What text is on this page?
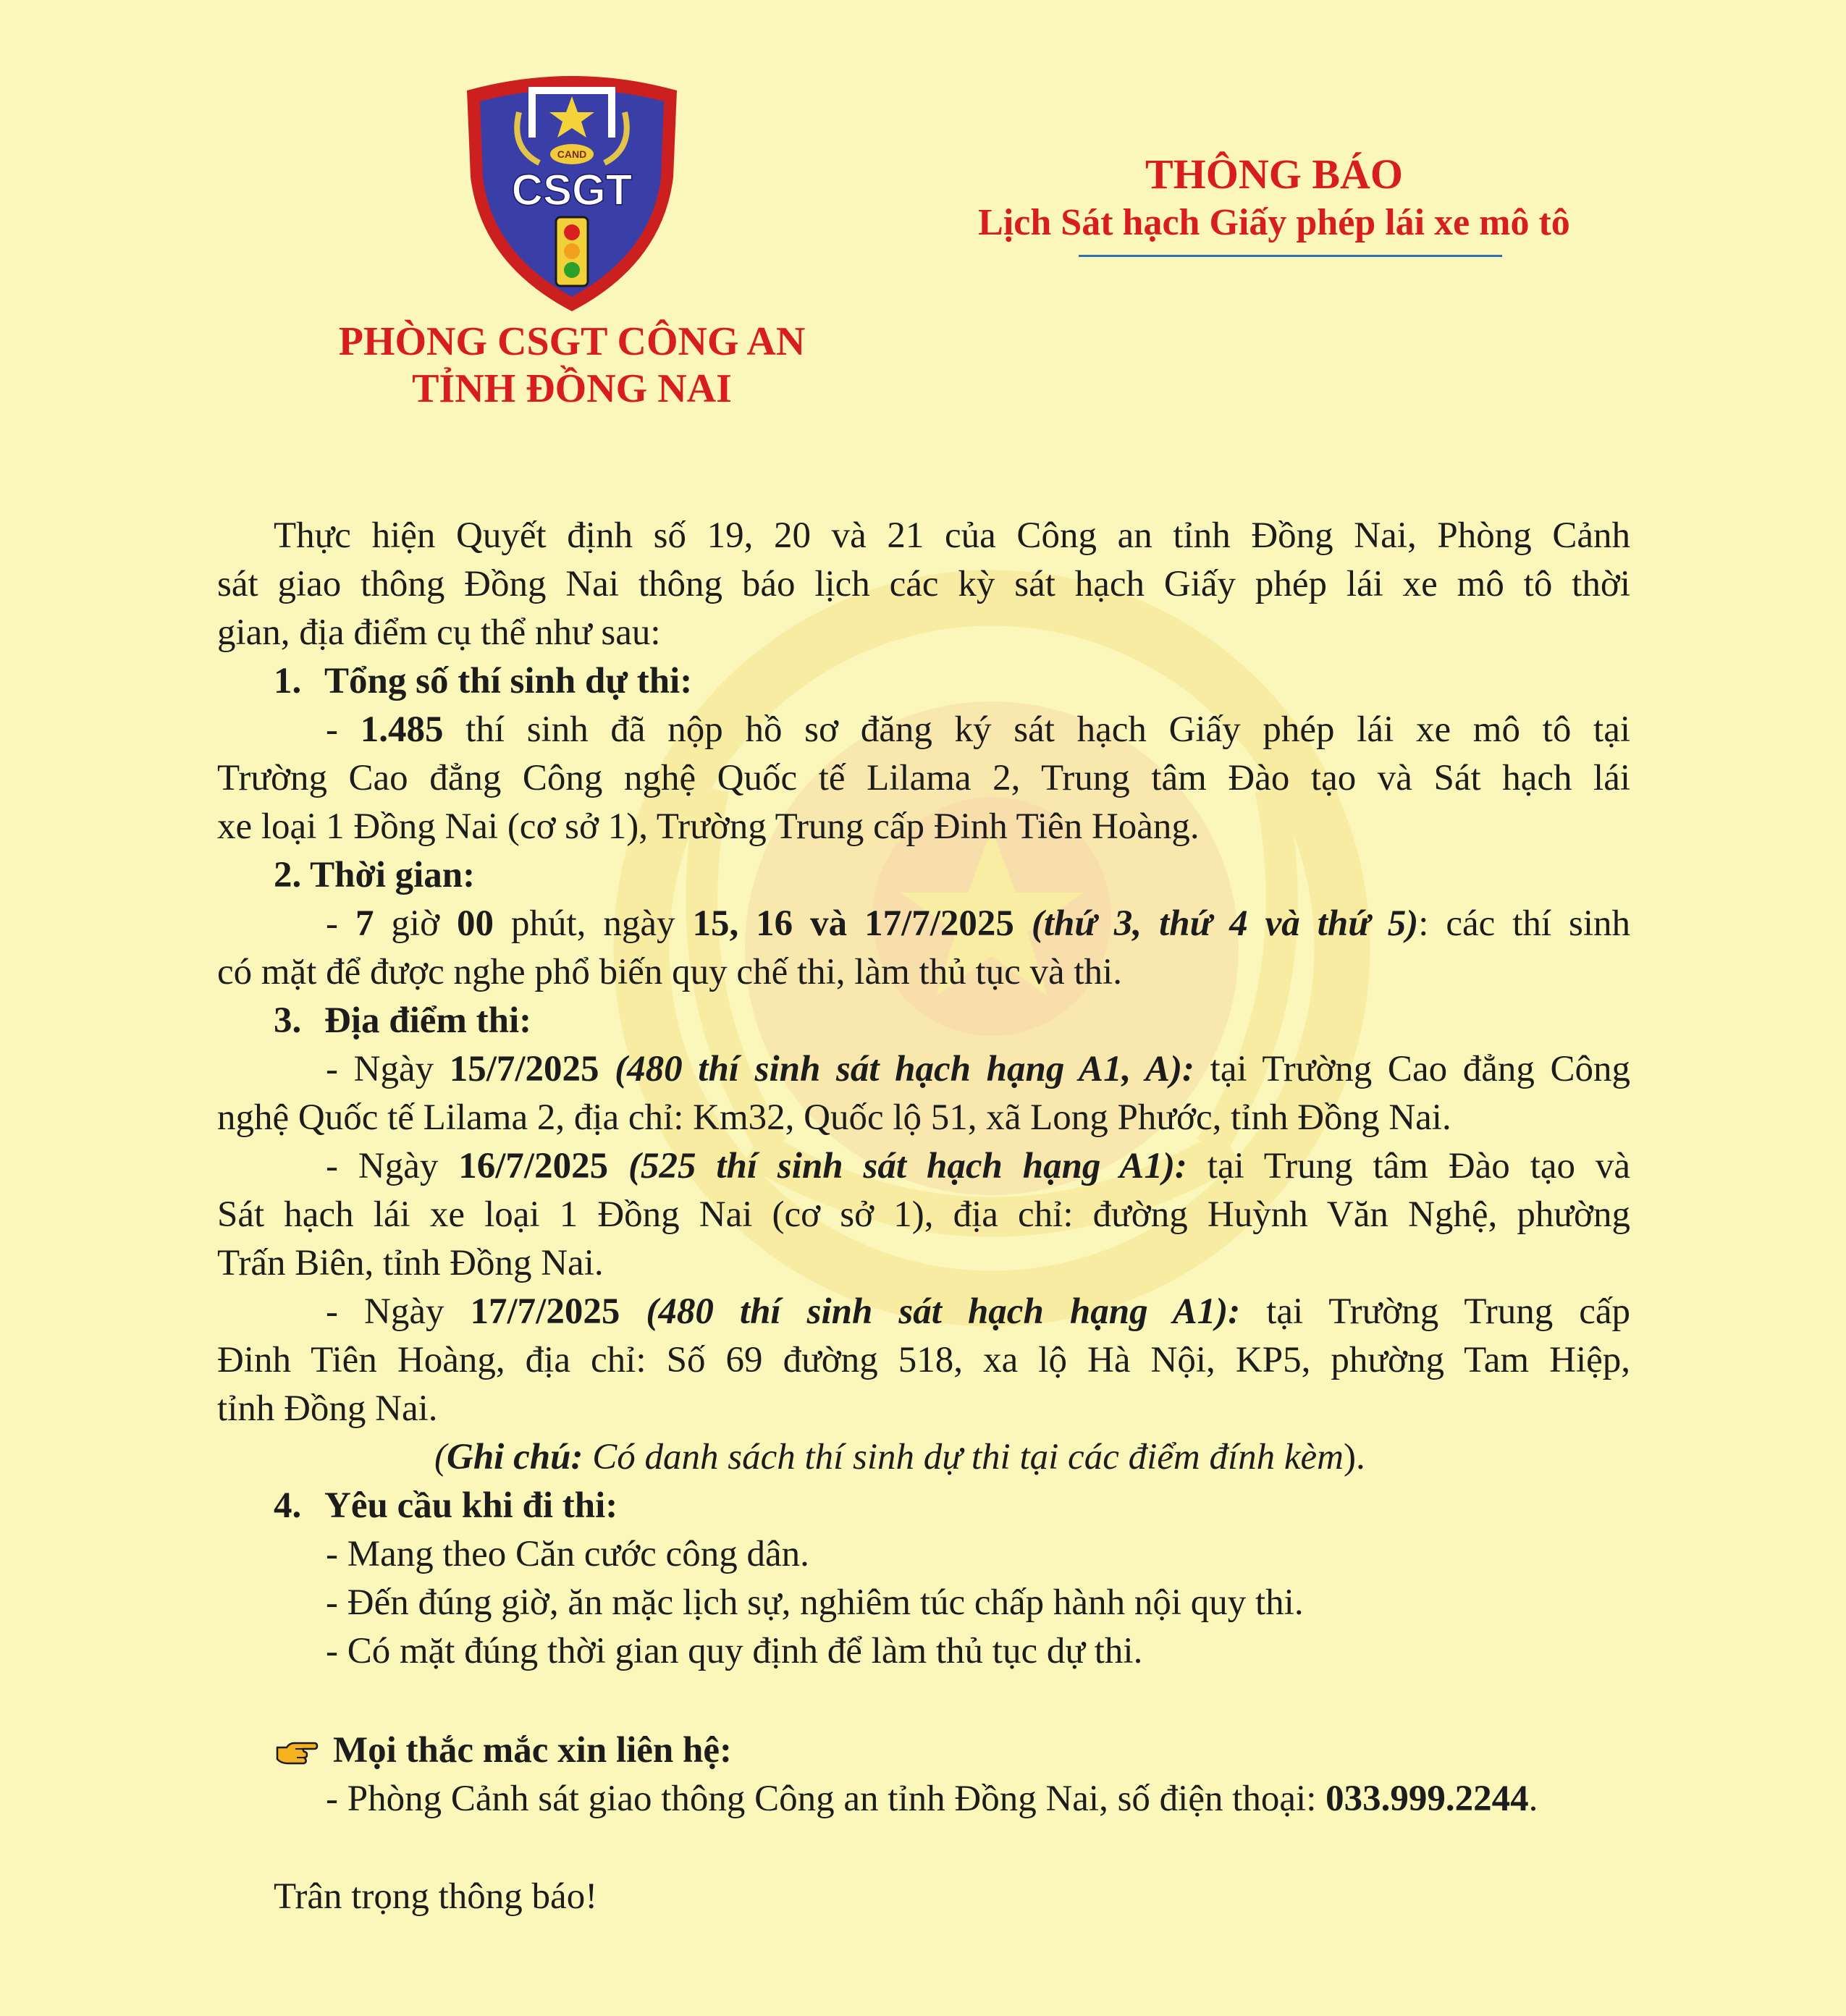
CAND
CSGT
PHÒNG CSGT CÔNG AN
TỈNH ĐỒNG NAI
THÔNG BÁO
Lịch Sát hạch Giấy phép lái xe mô tô
Thực hiện Quyết định số 19, 20 và 21 của Công an tỉnh Đồng Nai, Phòng Cảnh
sát giao thông Đồng Nai thông báo lịch các kỳ sát hạch Giấy phép lái xe mô tô thời
gian, địa điểm cụ thể như sau:
1. Tổng số thí sinh dự thi:
- 1.485 thí sinh đã nộp hồ sơ đăng ký sát hạch Giấy phép lái xe mô tô tại
Trường Cao đẳng Công nghệ Quốc tế Lilama 2, Trung tâm Đào tạo và Sát hạch lái
xe loại 1 Đồng Nai (cơ sở 1), Trường Trung cấp Đinh Tiên Hoàng.
2. Thời gian:
- 7 giờ 00 phút, ngày 15, 16 và 17/7/2025 (thứ 3, thứ 4 và thứ 5): các thí sinh
có mặt để được nghe phổ biến quy chế thi, làm thủ tục và thi.
3. Địa điểm thi:
- Ngày 15/7/2025 (480 thí sinh sát hạch hạng A1, A): tại Trường Cao đẳng Công
nghệ Quốc tế Lilama 2, địa chỉ: Km32, Quốc lộ 51, xã Long Phước, tỉnh Đồng Nai.
- Ngày 16/7/2025 (525 thí sinh sát hạch hạng A1): tại Trung tâm Đào tạo và
Sát hạch lái xe loại 1 Đồng Nai (cơ sở 1), địa chỉ: đường Huỳnh Văn Nghệ, phường
Trấn Biên, tỉnh Đồng Nai.
- Ngày 17/7/2025 (480 thí sinh sát hạch hạng A1): tại Trường Trung cấp
Đinh Tiên Hoàng, địa chỉ: Số 69 đường 518, xa lộ Hà Nội, KP5, phường Tam Hiệp,
tỉnh Đồng Nai.
(Ghi chú: Có danh sách thí sinh dự thi tại các điểm đính kèm).
4. Yêu cầu khi đi thi:
- Mang theo Căn cước công dân.
- Đến đúng giờ, ăn mặc lịch sự, nghiêm túc chấp hành nội quy thi.
- Có mặt đúng thời gian quy định để làm thủ tục dự thi.
Mọi thắc mắc xin liên hệ:
- Phòng Cảnh sát giao thông Công an tỉnh Đồng Nai, số điện thoại: 033.999.2244.
Trân trọng thông báo!
